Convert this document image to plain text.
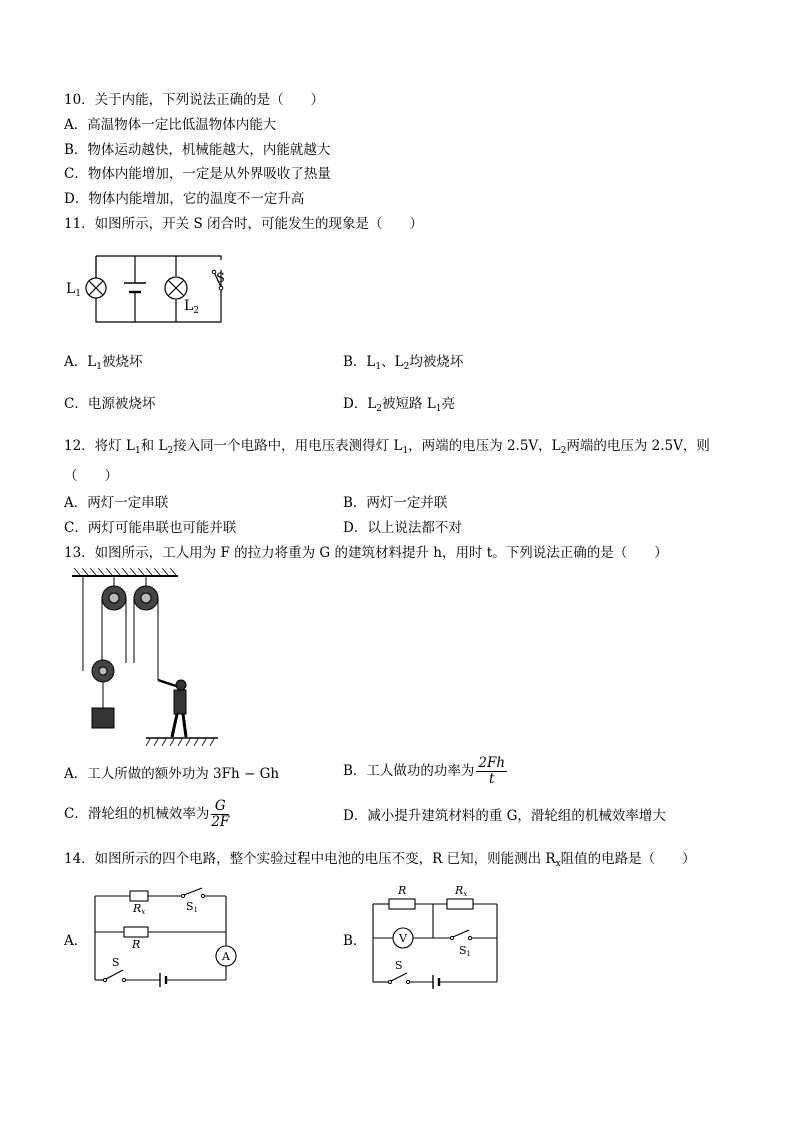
10．关于内能，下列说法正确的是（　　）
A．高温物体一定比低温物体内能大
B．物体运动越快，机械能越大，内能就越大
C．物体内能增加，一定是从外界吸收了热量
D．物体内能增加，它的温度不一定升高
11．如图所示，开关 S 闭合时，可能发生的现象是（　　）
$L_1$
$L_2$
S
A．$L_1$被烧坏	B．$L_1$、$L_2$均被烧坏
C．电源被烧坏	D．$L_2$被短路 $L_1$亮
12．将灯 $L_1$和 $L_2$接入同一个电路中，用电压表测得灯 $L_1$，两端的电压为 2.5V，$L_2$两端的电压为 2.5V，则
（　　）
A．两灯一定串联	B．两灯一定并联
C．两灯可能串联也可能并联	D．以上说法都不对
13．如图所示，工人用为 F 的拉力将重为 G 的建筑材料提升 h，用时 t。下列说法正确的是（　　）
A．工人所做的额外功为 3Fh − Gh	B．工人做功的功率为 $\frac{2Fh}{t}$
C．滑轮组的机械效率为 $\frac{G}{2F}$	D．减小提升建筑材料的重 G，滑轮组的机械效率增大
14．如图所示的四个电路，整个实验过程中电池的电压不变，R 已知，则能测出 $R_x$阻值的电路是（　　）
A．
Rx	S1
R
A
S
B．
R	Rx
V
S1
S
